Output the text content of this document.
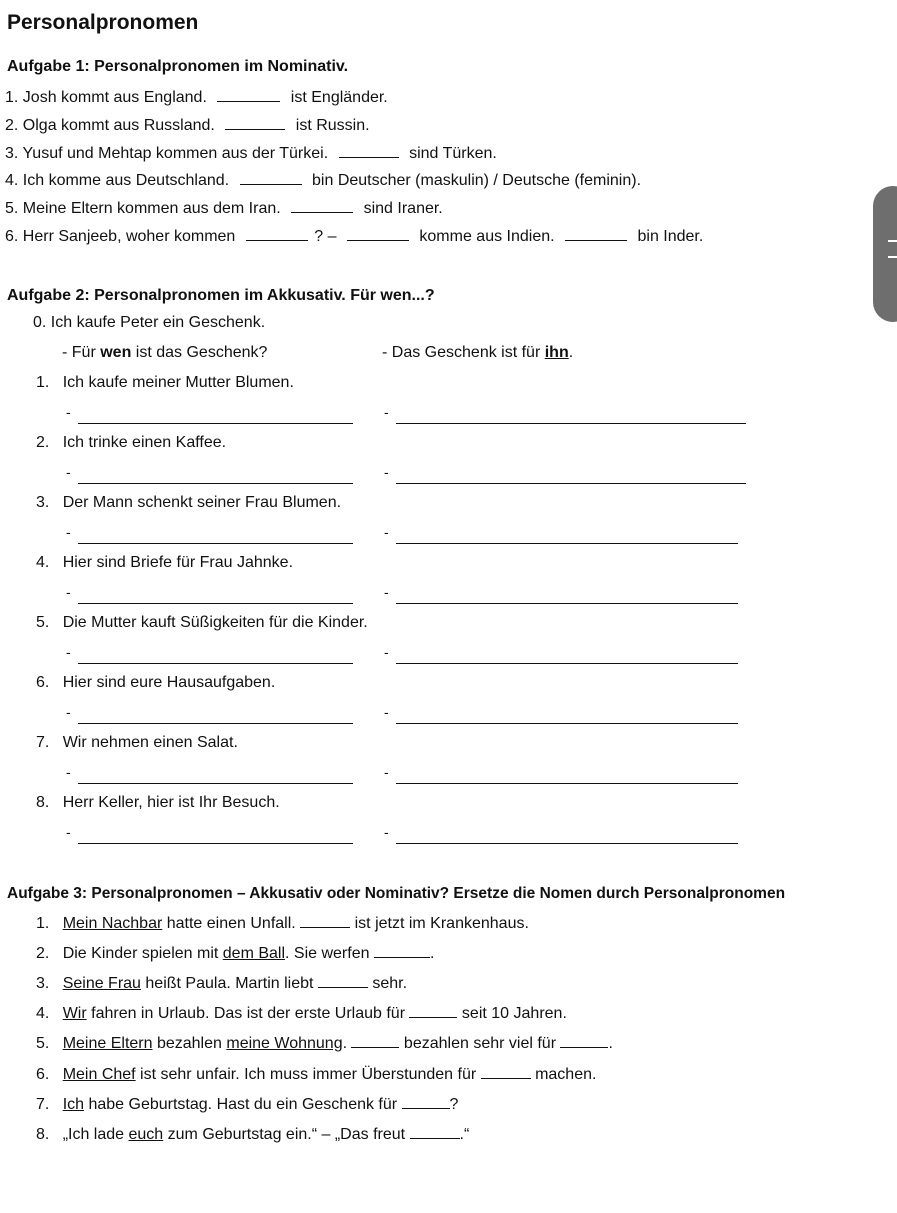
Personalpronomen
Aufgabe 1: Personalpronomen im Nominativ.
1. Josh kommt aus England.	ist Engländer.
2. Olga kommt aus Russland.	ist Russin.
3. Yusuf und Mehtap kommen aus der Türkei.	sind Türken.
4. Ich komme aus Deutschland.	bin Deutscher (maskulin) / Deutsche (feminin).
5. Meine Eltern kommen aus dem Iran.	sind Iraner.
6. Herr Sanjeeb, woher kommen	? –	komme aus Indien.	bin Inder.
Aufgabe 2: Personalpronomen im Akkusativ. Für wen...?
0. Ich kaufe Peter ein Geschenk.
- Für wen ist das Geschenk?	- Das Geschenk ist für ihn.
1. Ich kaufe meiner Mutter Blumen.
-	-
2. Ich trinke einen Kaffee.
-	-
3. Der Mann schenkt seiner Frau Blumen.
-	-
4. Hier sind Briefe für Frau Jahnke.
-	-
5. Die Mutter kauft Süßigkeiten für die Kinder.
-	-
6. Hier sind eure Hausaufgaben.
-	-
7. Wir nehmen einen Salat.
-	-
8. Herr Keller, hier ist Ihr Besuch.
-	-
Aufgabe 3: Personalpronomen – Akkusativ oder Nominativ? Ersetze die Nomen durch Personalpronomen
1. Mein Nachbar hatte einen Unfall.	ist jetzt im Krankenhaus.
2. Die Kinder spielen mit dem Ball. Sie werfen	.
3. Seine Frau heißt Paula. Martin liebt	sehr.
4. Wir fahren in Urlaub. Das ist der erste Urlaub für	seit 10 Jahren.
5. Meine Eltern bezahlen meine Wohnung.	bezahlen sehr viel für	.
6. Mein Chef ist sehr unfair. Ich muss immer Überstunden für	machen.
7. Ich habe Geburtstag. Hast du ein Geschenk für	?
8. „Ich lade euch zum Geburtstag ein.“ – „Das freut	.“
